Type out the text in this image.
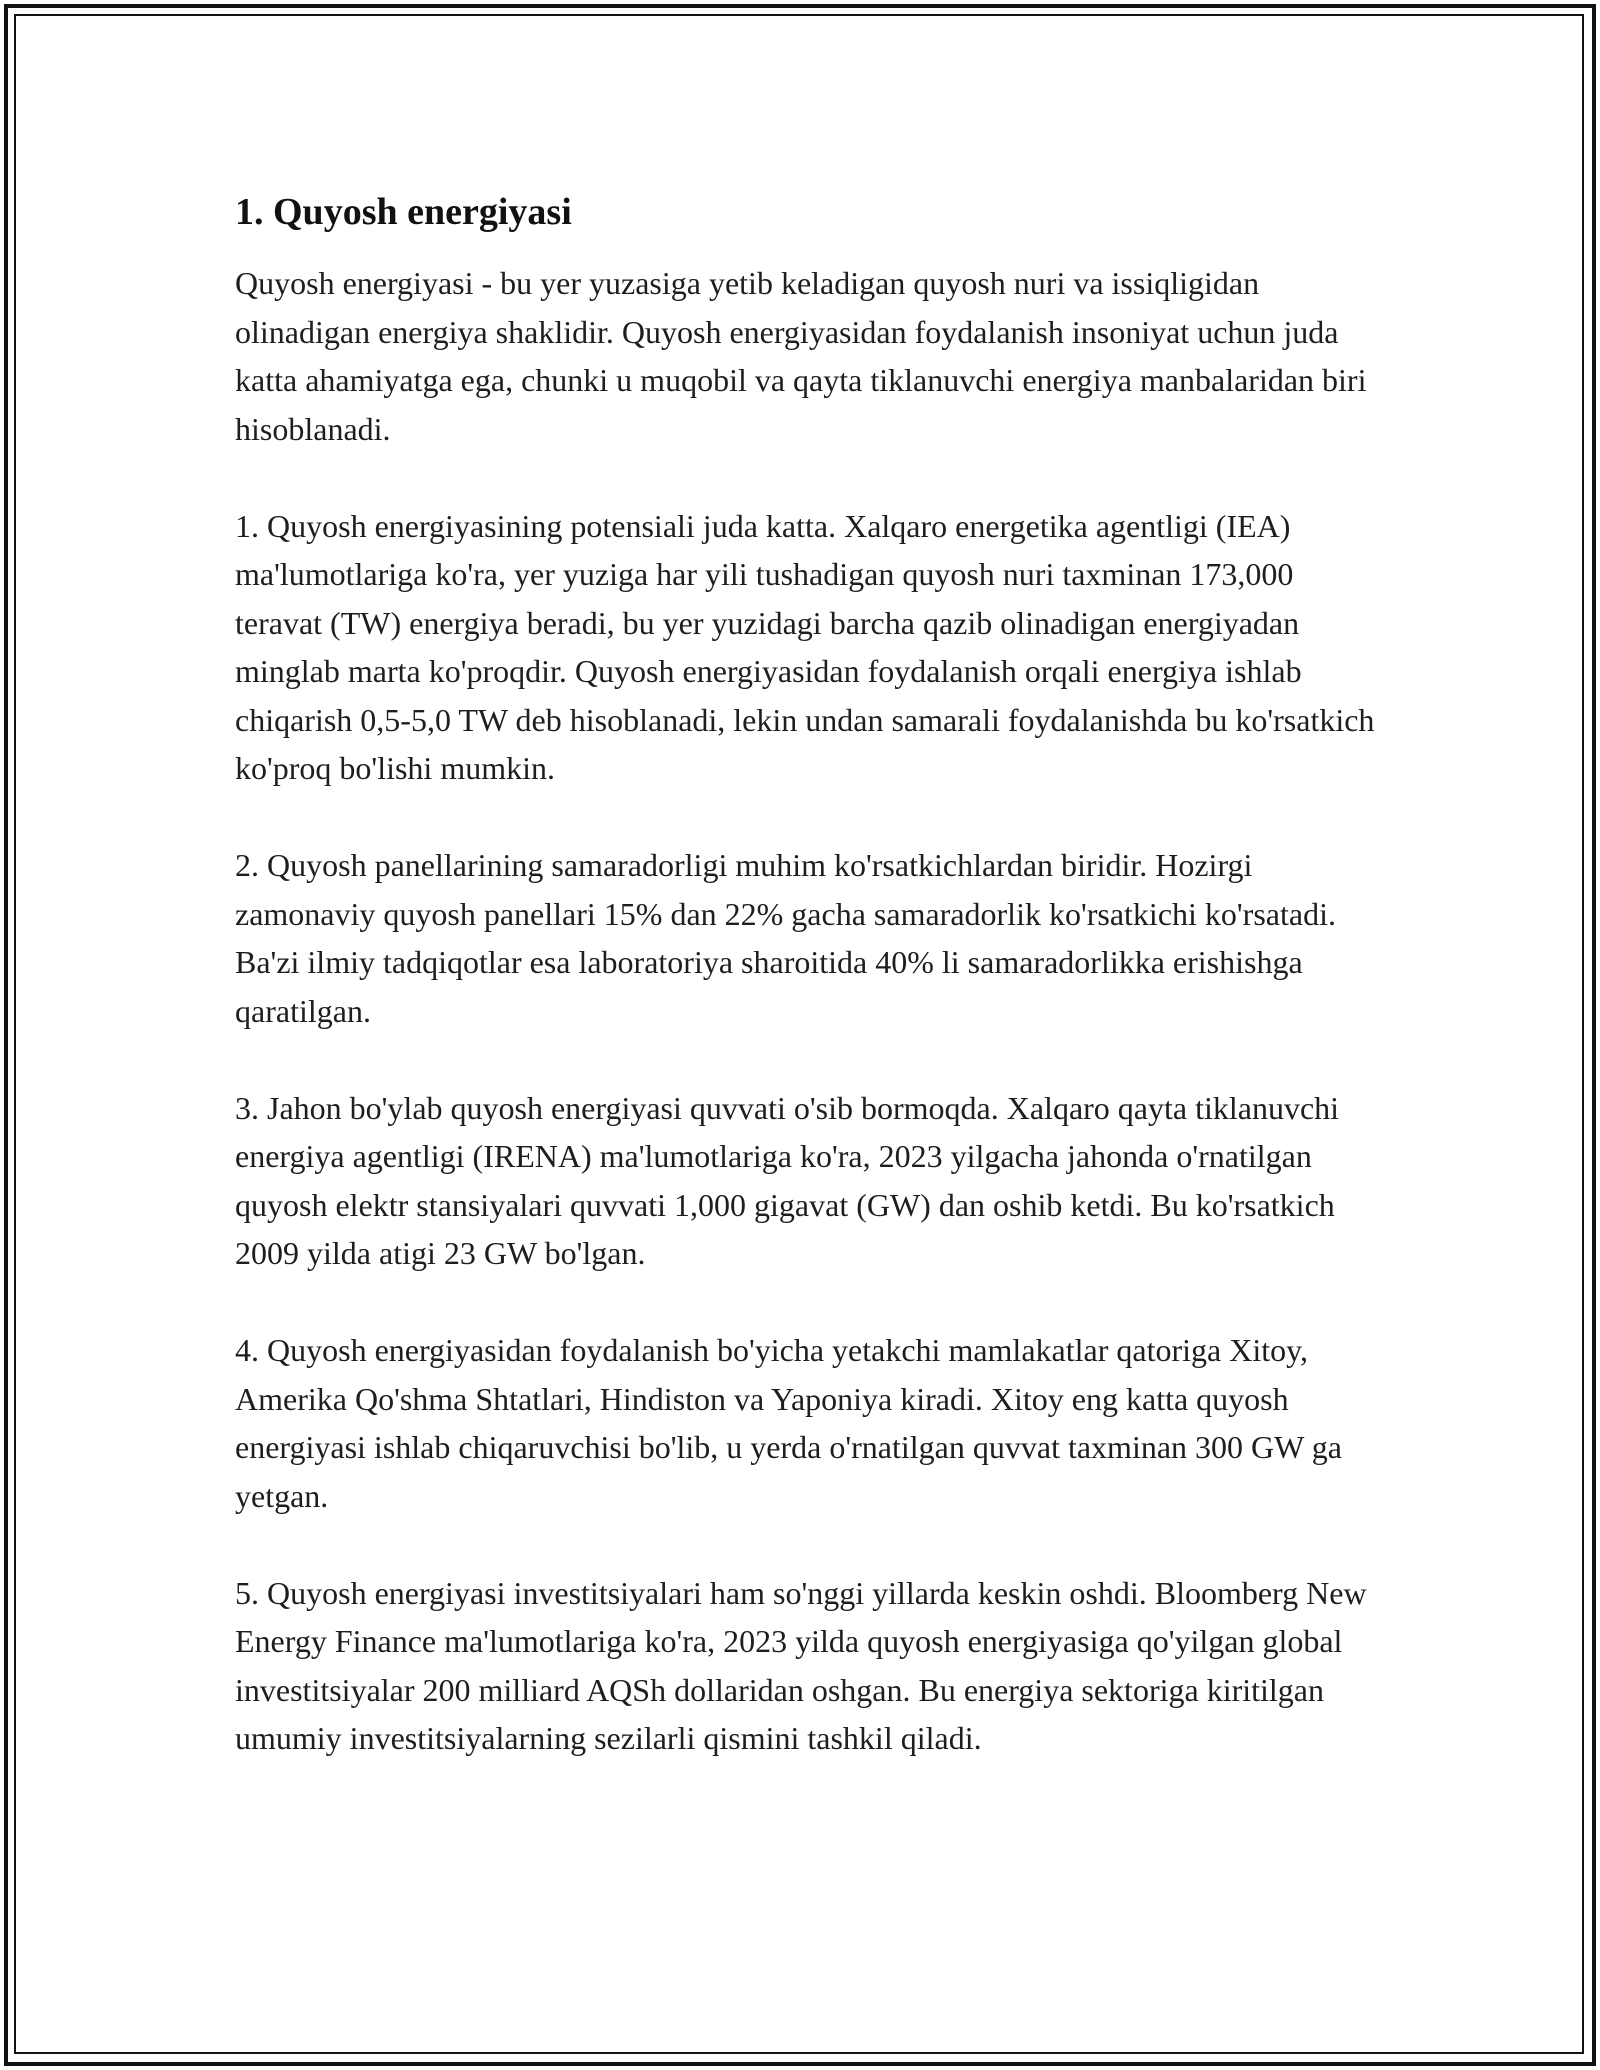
1. Quyosh energiyasi

Quyosh energiyasi - bu yer yuzasiga yetib keladigan quyosh nuri va issiqligidan olinadigan energiya shaklidir. Quyosh energiyasidan foydalanish insoniyat uchun juda katta ahamiyatga ega, chunki u muqobil va qayta tiklanuvchi energiya manbalaridan biri hisoblanadi.

1. Quyosh energiyasining potensiali juda katta. Xalqaro energetika agentligi (IEA) ma'lumotlariga ko'ra, yer yuziga har yili tushadigan quyosh nuri taxminan 173,000 teravat (TW) energiya beradi, bu yer yuzidagi barcha qazib olinadigan energiyadan minglab marta ko'proqdir. Quyosh energiyasidan foydalanish orqali energiya ishlab chiqarish 0,5-5,0 TW deb hisoblanadi, lekin undan samarali foydalanishda bu ko'rsatkich ko'proq bo'lishi mumkin.

2. Quyosh panellarining samaradorligi muhim ko'rsatkichlardan biridir. Hozirgi zamonaviy quyosh panellari 15% dan 22% gacha samaradorlik ko'rsatkichi ko'rsatadi. Ba'zi ilmiy tadqiqotlar esa laboratoriya sharoitida 40% li samaradorlikka erishishga qaratilgan.

3. Jahon bo'ylab quyosh energiyasi quvvati o'sib bormoqda. Xalqaro qayta tiklanuvchi energiya agentligi (IRENA) ma'lumotlariga ko'ra, 2023 yilgacha jahonda o'rnatilgan quyosh elektr stansiyalari quvvati 1,000 gigavat (GW) dan oshib ketdi. Bu ko'rsatkich 2009 yilda atigi 23 GW bo'lgan.

4. Quyosh energiyasidan foydalanish bo'yicha yetakchi mamlakatlar qatoriga Xitoy, Amerika Qo'shma Shtatlari, Hindiston va Yaponiya kiradi. Xitoy eng katta quyosh energiyasi ishlab chiqaruvchisi bo'lib, u yerda o'rnatilgan quvvat taxminan 300 GW ga yetgan.

5. Quyosh energiyasi investitsiyalari ham so'nggi yillarda keskin oshdi. Bloomberg New Energy Finance ma'lumotlariga ko'ra, 2023 yilda quyosh energiyasiga qo'yilgan global investitsiyalar 200 milliard AQSh dollaridan oshgan. Bu energiya sektoriga kiritilgan umumiy investitsiyalarning sezilarli qismini tashkil qiladi.
